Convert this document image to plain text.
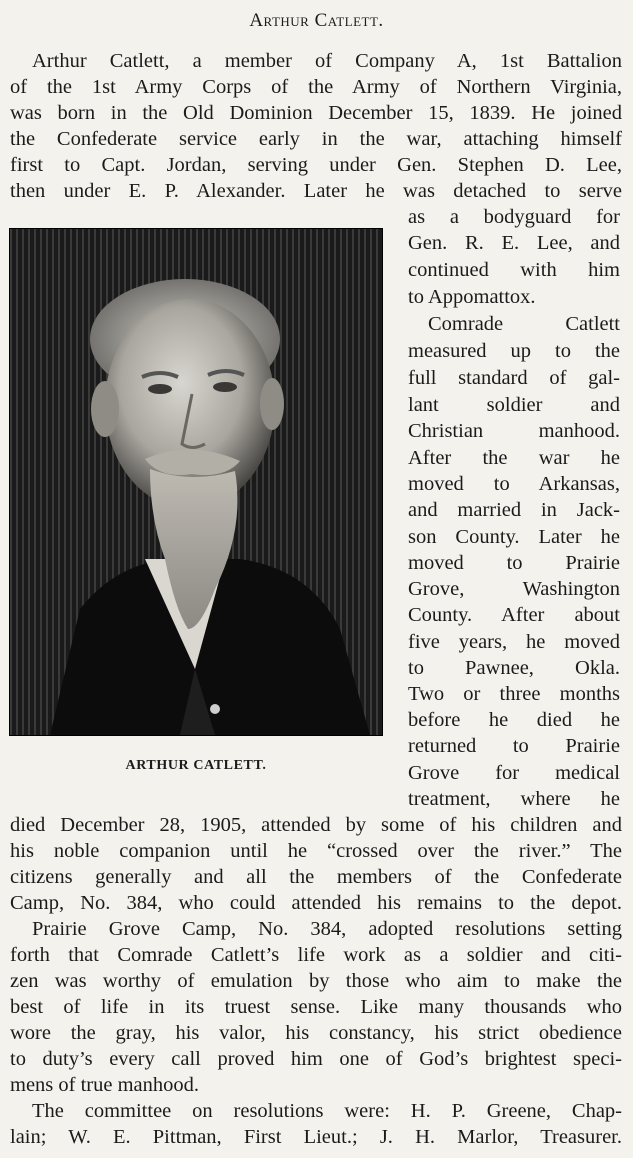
Arthur Catlett.
Arthur Catlett, a member of Company A, 1st Battalion
of the 1st Army Corps of the Army of Northern Virginia,
was born in the Old Dominion December 15, 1839. He joined
the Confederate service early in the war, attaching himself
first to Capt. Jordan, serving under Gen. Stephen D. Lee,
then under E. P. Alexander. Later he was detached to serve
ARTHUR CATLETT.
as a bodyguard for
Gen. R. E. Lee, and
continued with him
to Appomattox.
Comrade Catlett
measured up to the
full standard of gal-
lant soldier and
Christian manhood.
After the war he
moved to Arkansas,
and married in Jack-
son County. Later he
moved to Prairie
Grove, Washington
County. After about
five years, he moved
to Pawnee, Okla.
Two or three months
before he died he
returned to Prairie
Grove for medical
treatment, where he
died December 28, 1905, attended by some of his children and
his noble companion until he “crossed over the river.” The
citizens generally and all the members of the Confederate
Camp, No. 384, who could attended his remains to the depot.
Prairie Grove Camp, No. 384, adopted resolutions setting
forth that Comrade Catlett’s life work as a soldier and citi-
zen was worthy of emulation by those who aim to make the
best of life in its truest sense. Like many thousands who
wore the gray, his valor, his constancy, his strict obedience
to duty’s every call proved him one of God’s brightest speci-
mens of true manhood.
The committee on resolutions were: H. P. Greene, Chap-
lain; W. E. Pittman, First Lieut.; J. H. Marlor, Treasurer.
